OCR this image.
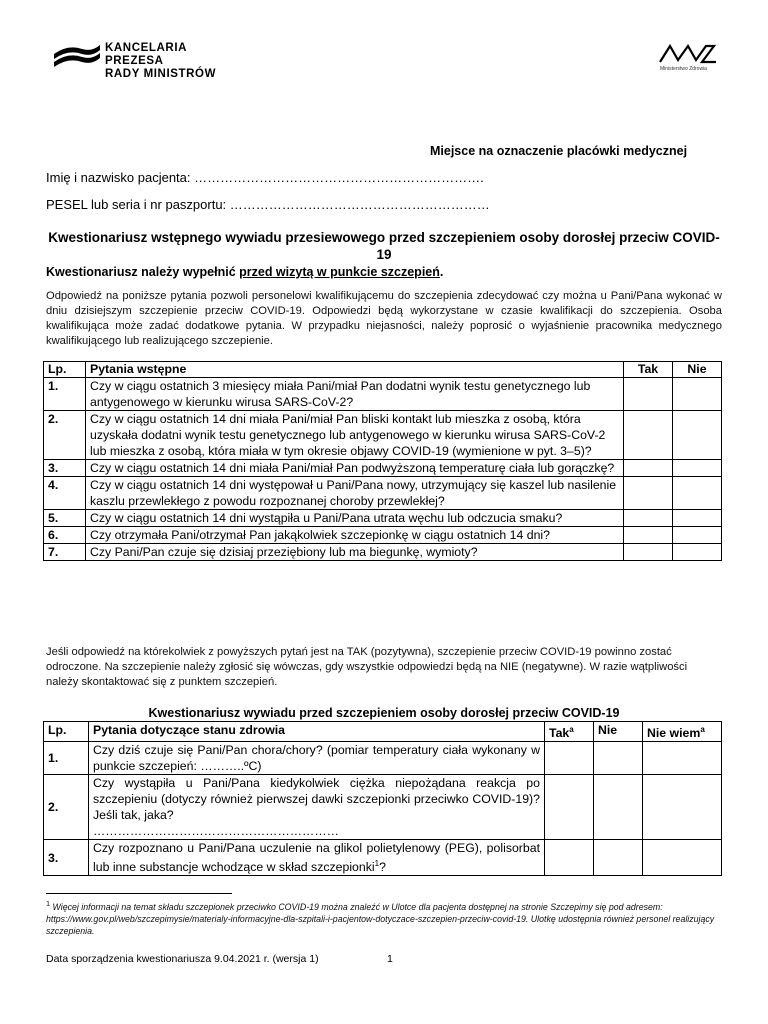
KANCELARIA PREZESA
RADY MINISTRÓW	Ministerstwo Zdrowia
Miejsce na oznaczenie placówki medycznej
Imię i nazwisko pacjenta: ………………………………………………………….
PESEL lub seria i nr paszportu: ……………………………………………………
Kwestionariusz wstępnego wywiadu przesiewowego przed szczepieniem osoby dorosłej przeciw COVID-19
Kwestionariusz należy wypełnić przed wizytą w punkcie szczepień.
Odpowiedź na poniższe pytania pozwoli personelowi kwalifikującemu do szczepienia zdecydować czy można u Pani/Pana wykonać w dniu dzisiejszym szczepienie przeciw COVID-19. Odpowiedzi będą wykorzystane w czasie kwalifikacji do szczepienia. Osoba kwalifikująca może zadać dodatkowe pytania. W przypadku niejasności, należy poprosić o wyjaśnienie pracownika medycznego kwalifikującego lub realizującego szczepienie.
Lp.	Pytania wstępne	Tak	Nie
1.	Czy w ciągu ostatnich 3 miesięcy miała Pani/miał Pan dodatni wynik testu genetycznego lub antygenowego w kierunku wirusa SARS-CoV-2?		
2.	Czy w ciągu ostatnich 14 dni miała Pani/miał Pan bliski kontakt lub mieszka z osobą, która uzyskała dodatni wynik testu genetycznego lub antygenowego w kierunku wirusa SARS-CoV-2 lub mieszka z osobą, która miała w tym okresie objawy COVID-19 (wymienione w pyt. 3–5)?		
3.	Czy w ciągu ostatnich 14 dni miała Pani/miał Pan podwyższoną temperaturę ciała lub gorączkę?		
4.	Czy w ciągu ostatnich 14 dni występował u Pani/Pana nowy, utrzymujący się kaszel lub nasilenie kaszlu przewlekłego z powodu rozpoznanej choroby przewlekłej?		
5.	Czy w ciągu ostatnich 14 dni wystąpiła u Pani/Pana utrata węchu lub odczucia smaku?		
6.	Czy otrzymała Pani/otrzymał Pan jakąkolwiek szczepionkę w ciągu ostatnich 14 dni?		
7.	Czy Pani/Pan czuje się dzisiaj przeziębiony lub ma biegunkę, wymioty?		
Jeśli odpowiedź na którekolwiek z powyższych pytań jest na TAK (pozytywna), szczepienie przeciw COVID-19 powinno zostać odroczone. Na szczepienie należy zgłosić się wówczas, gdy wszystkie odpowiedzi będą na NIE (negatywne). W razie wątpliwości należy skontaktować się z punktem szczepień.
Kwestionariusz wywiadu przed szczepieniem osoby dorosłej przeciw COVID-19
Lp.	Pytania dotyczące stanu zdrowia	Tak$^a$	Nie	Nie wiem$^a$
1.	Czy dziś czuje się Pani/Pan chora/chory? (pomiar temperatury ciała wykonany w punkcie szczepień: ………..ºC)			
2.	Czy wystąpiła u Pani/Pana kiedykolwiek ciężka niepożądana reakcja po szczepieniu (dotyczy również pierwszej dawki szczepionki przeciwko COVID-19)? Jeśli tak, jaka?
……………………………………………………			
3.	Czy rozpoznano u Pani/Pana uczulenie na glikol polietylenowy (PEG), polisorbat lub inne substancje wchodzące w skład szczepionki$^1$?			
$^1$ Więcej informacji na temat składu szczepionek przeciwko COVID-19 można znaleźć w Ulotce dla pacjenta dostępnej na stronie Szczepimy się pod adresem: https://www.gov.pl/web/szczepimysie/materialy-informacyjne-dla-szpitali-i-pacjentow-dotyczace-szczepien-przeciw-covid-19. Ulotkę udostępnia również personel realizujący szczepienia.
Data sporządzenia kwestionariusza 9.04.2021 r. (wersja 1)	1
